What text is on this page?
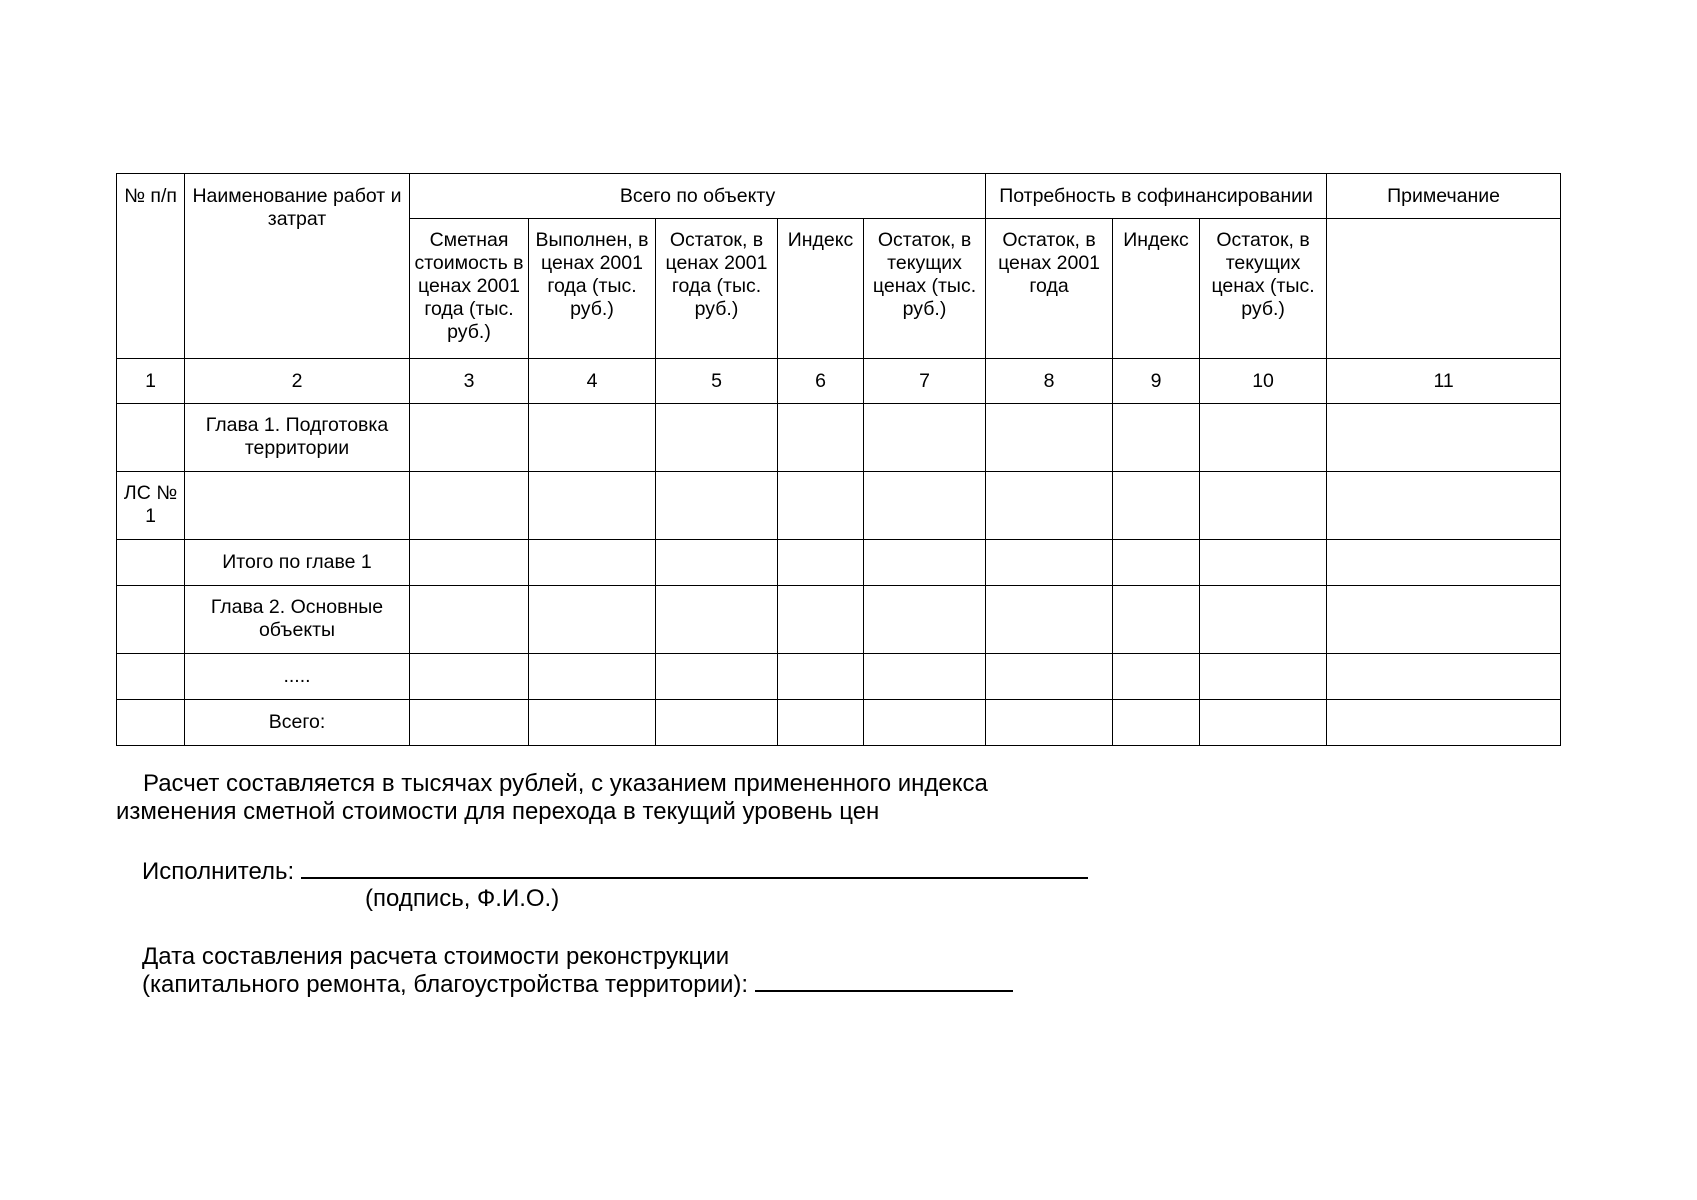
№ п/п	Наименование работ и затрат	Всего по объекту					Потребность в софинансировании			Примечание
		Сметная стоимость в ценах 2001 года (тыс. руб.)	Выполнен, в ценах 2001 года (тыс. руб.)	Остаток, в ценах 2001 года (тыс. руб.)	Индекс	Остаток, в текущих ценах (тыс. руб.)	Остаток, в ценах 2001 года	Индекс	Остаток, в текущих ценах (тыс. руб.)	
1	2	3	4	5	6	7	8	9	10	11
	Глава 1. Подготовка территории									
ЛС № 1										
	Итого по главе 1									
	Глава 2. Основные объекты									
	.....									
	Всего:									
Расчет составляется в тысячах рублей, с указанием примененного индекса
изменения сметной стоимости для перехода в текущий уровень цен
Исполнитель:
(подпись, Ф.И.О.)
Дата составления расчета стоимости реконструкции
(капитального ремонта, благоустройства территории):
